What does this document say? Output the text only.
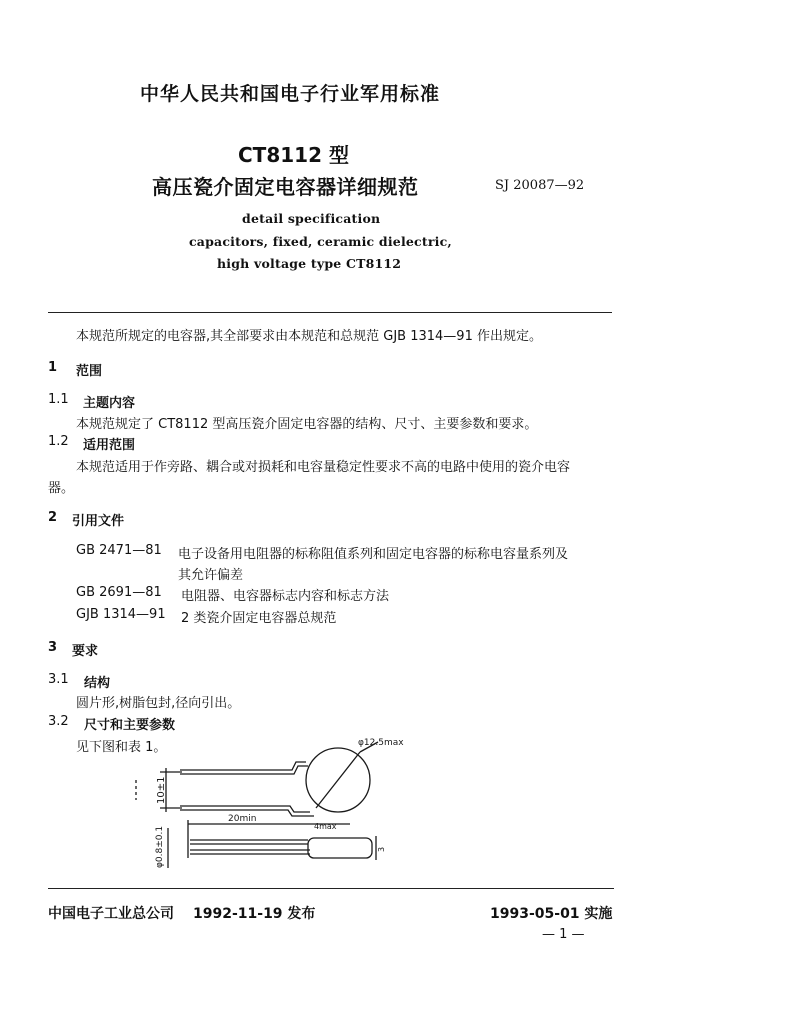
中华人民共和国电子行业军用标准
CT8112 型
高压瓷介固定电容器详细规范	SJ 20087—92
detail specification
capacitors, fixed, ceramic dielectric,
high voltage type CT8112
本规范所规定的电容器,其全部要求由本规范和总规范 GJB 1314—91 作出规定。
1 范围
1.1 主题内容
本规范规定了 CT8112 型高压瓷介固定电容器的结构、尺寸、主要参数和要求。
1.2 适用范围
本规范适用于作旁路、耦合或对损耗和电容量稳定性要求不高的电路中使用的瓷介电容
器。
2 引用文件
GB 2471—81 电子设备用电阻器的标称阻值系列和固定电容器的标称电容量系列及
其允许偏差
GB 2691—81 电阻器、电容器标志内容和标志方法
GJB 1314—91 2 类瓷介固定电容器总规范
3 要求
3.1 结构
圆片形,树脂包封,径向引出。
3.2 尺寸和主要参数
见下图和表 1。	φ12.5max
10±1
20min
4max
φ0.8±0.1	3
中国电子工业总公司 1992-11-19 发布	1993-05-01 实施
— 1 —
